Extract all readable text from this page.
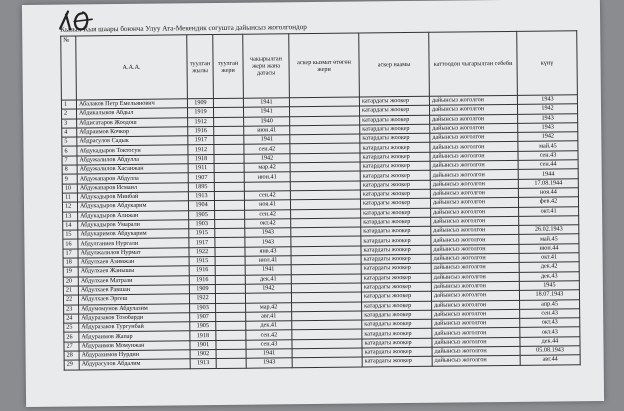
Кызыл-Кыя шаары боюнча Улуу Ата-Мекендик согушта дайынсыз жоголгондор
№	А.А.А.	туулган жылы	туулган жери	чакырылган жери жана датасы	аскер кызмат өтөгөн жери	аскер наамы	каттоодон чыгарылган себеби	күнү
1	Абалаков Петр Емельянович	1909		1941		катардагы жоокер	дайынсыз жоголгон	1943
2	Абдикалыков Абдыл	1919		1941		катардагы жоокер	дайынсыз жоголгон	1942
3	Абдисатаров Жоодош	1912		1940		катардагы жоокер	дайынсыз жоголгон	1943
4	Абдраимов Кочкор	1916		июн.41		катардагы жоокер	дайынсыз жоголгон	1943
5	Абдрасулов Садык	1917		1941		катардагы жоокер	дайынсыз жоголгон	1942
6	Абдукадыров Токтосун	1912		сен.42		катардагы жоокер	дайынсыз жоголгон	май.45
7	Абдужалилов Абдулла	1918		1942		катардагы жоокер	дайынсыз жоголгон	сен.43
8	Абдужалилов Хасанжан	1911		мар.42		катардагы жоокер	дайынсыз жоголгон	сен.44
9	Абдужапаров Абдулла	1907		июн.41		катардагы жоокер	дайынсыз жоголгон	1944
10	Абдужапаров Исмаил	1895				катардагы жоокер	дайынсыз жоголгон	17.08.1944
11	Абдукадыров Минбай	1913		сен.42		катардагы жоокер	дайынсыз жоголгон	ноя.44
12	Абдукадыров Абдукарим	1904		ноя.41		катардагы жоокер	дайынсыз жоголгон	фев.42
13	Абдукадыров Алижан	1905		сен.42		катардагы жоокер	дайынсыз жоголгон	окт.41
14	Абдукадыров Умарали	1903		окт.42		катардагы жоокер	дайынсыз жоголгон	
15	Абдукаримов Абдукарим	1915		1943		катардагы жоокер	дайынсыз жоголгон	26.02.1943
16	Абдулганиев Нургали	1917		1943		катардагы жоокер	дайынсыз жоголгон	май.45
17	Абдулжалилов Нурмат	1922		янв.43		катардагы жоокер	дайынсыз жоголгон	июн.44
18	Абдулхаев Азимжан	1915		июл.41		катардагы жоокер	дайынсыз жоголгон	окт.41
19	Абдулхаев Жанышы	1916		1941		катардагы жоокер	дайынсыз жоголгон	дек.42
20	Абдулхаев Матрази	1916		дек.41		катардагы жоокер	дайынсыз жоголгон	дек.43
21	Абдулхаев Равшан	1909		1942		катардагы жоокер	дайынсыз жоголгон	1945
22	Абдулхаев Эргеш	1922				катардагы жоокер	дайынсыз жоголгон	18.07.1943
23	Абдумомунов Абдулазим	1903		мар.42		катардагы жоокер	дайынсыз жоголгон	апр.45
24	Абдуразаков Тозобарди	1907		авг.41		катардагы жоокер	дайынсыз жоголгон	сен.43
25	Абдуразаков Тургунбай	1905		дек.41		катардагы жоокер	дайынсыз жоголгон	окт.43
26	Абдураимов Жапар	1918		сен.42		катардагы жоокер	дайынсыз жоголгон	окт.43
27	Абдураимов Момунжан	1901		сен.43		катардагы жоокер	дайынсыз жоголгон	дек.44
28	Абдурахимов Нурдин	1902		1941		катардагы жоокер	дайынсыз жоголгон	05.08.1943
29	Абдурасулов Абдалим	1913		1943		катардагы жоокер	дайынсыз жоголгон	авг.44
